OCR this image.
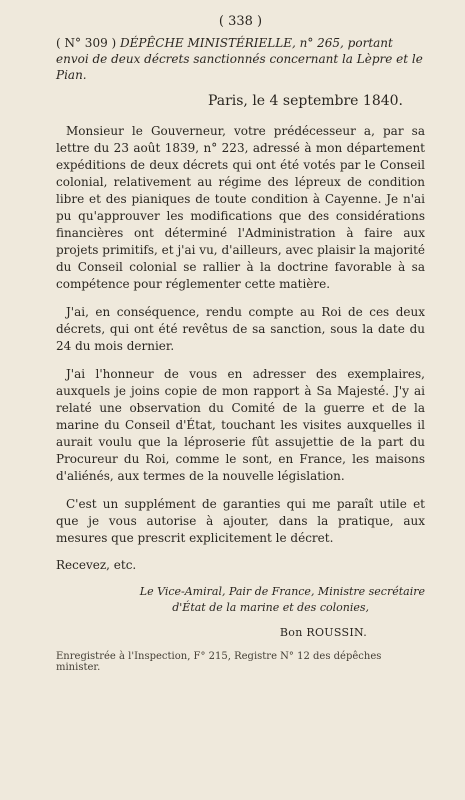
( 338 )
( N° 309 ) DÉPÊCHE MINISTÉRIELLE, n° 265, portant envoi de deux décrets sanctionnés concernant la Lèpre et le Pian.
Paris, le 4 septembre 1840.

Monsieur le Gouverneur, votre prédécesseur a, par sa lettre du 23 août 1839, n° 223, adressé à mon département expéditions de deux décrets qui ont été votés par le Conseil colonial, relativement au régime des lépreux de condition libre et des pianiques de toute condition à Cayenne. Je n'ai pu qu'approuver les modifications que des considérations financières ont déterminé l'Administration à faire aux projets primitifs, et j'ai vu, d'ailleurs, avec plaisir la majorité du Conseil colonial se rallier à la doctrine favorable à sa compétence pour réglementer cette matière.

J'ai, en conséquence, rendu compte au Roi de ces deux décrets, qui ont été revêtus de sa sanction, sous la date du 24 du mois dernier.

J'ai l'honneur de vous en adresser des exemplaires, auxquels je joins copie de mon rapport à Sa Majesté. J'y ai relaté une observation du Comité de la guerre et de la marine du Conseil d'État, touchant les visites auxquelles il aurait voulu que la léproserie fût assujettie de la part du Procureur du Roi, comme le sont, en France, les maisons d'aliénés, aux termes de la nouvelle législation.

C'est un supplément de garanties qui me paraît utile et que je vous autorise à ajouter, dans la pratique, aux mesures que prescrit explicitement le décret.

Recevez, etc.

Le Vice-Amiral, Pair de France, Ministre secrétaire
d'État de la marine et des colonies,
Bon ROUSSIN.
Enregistrée à l'Inspection, F° 215, Registre N° 12 des dépêches minister.
